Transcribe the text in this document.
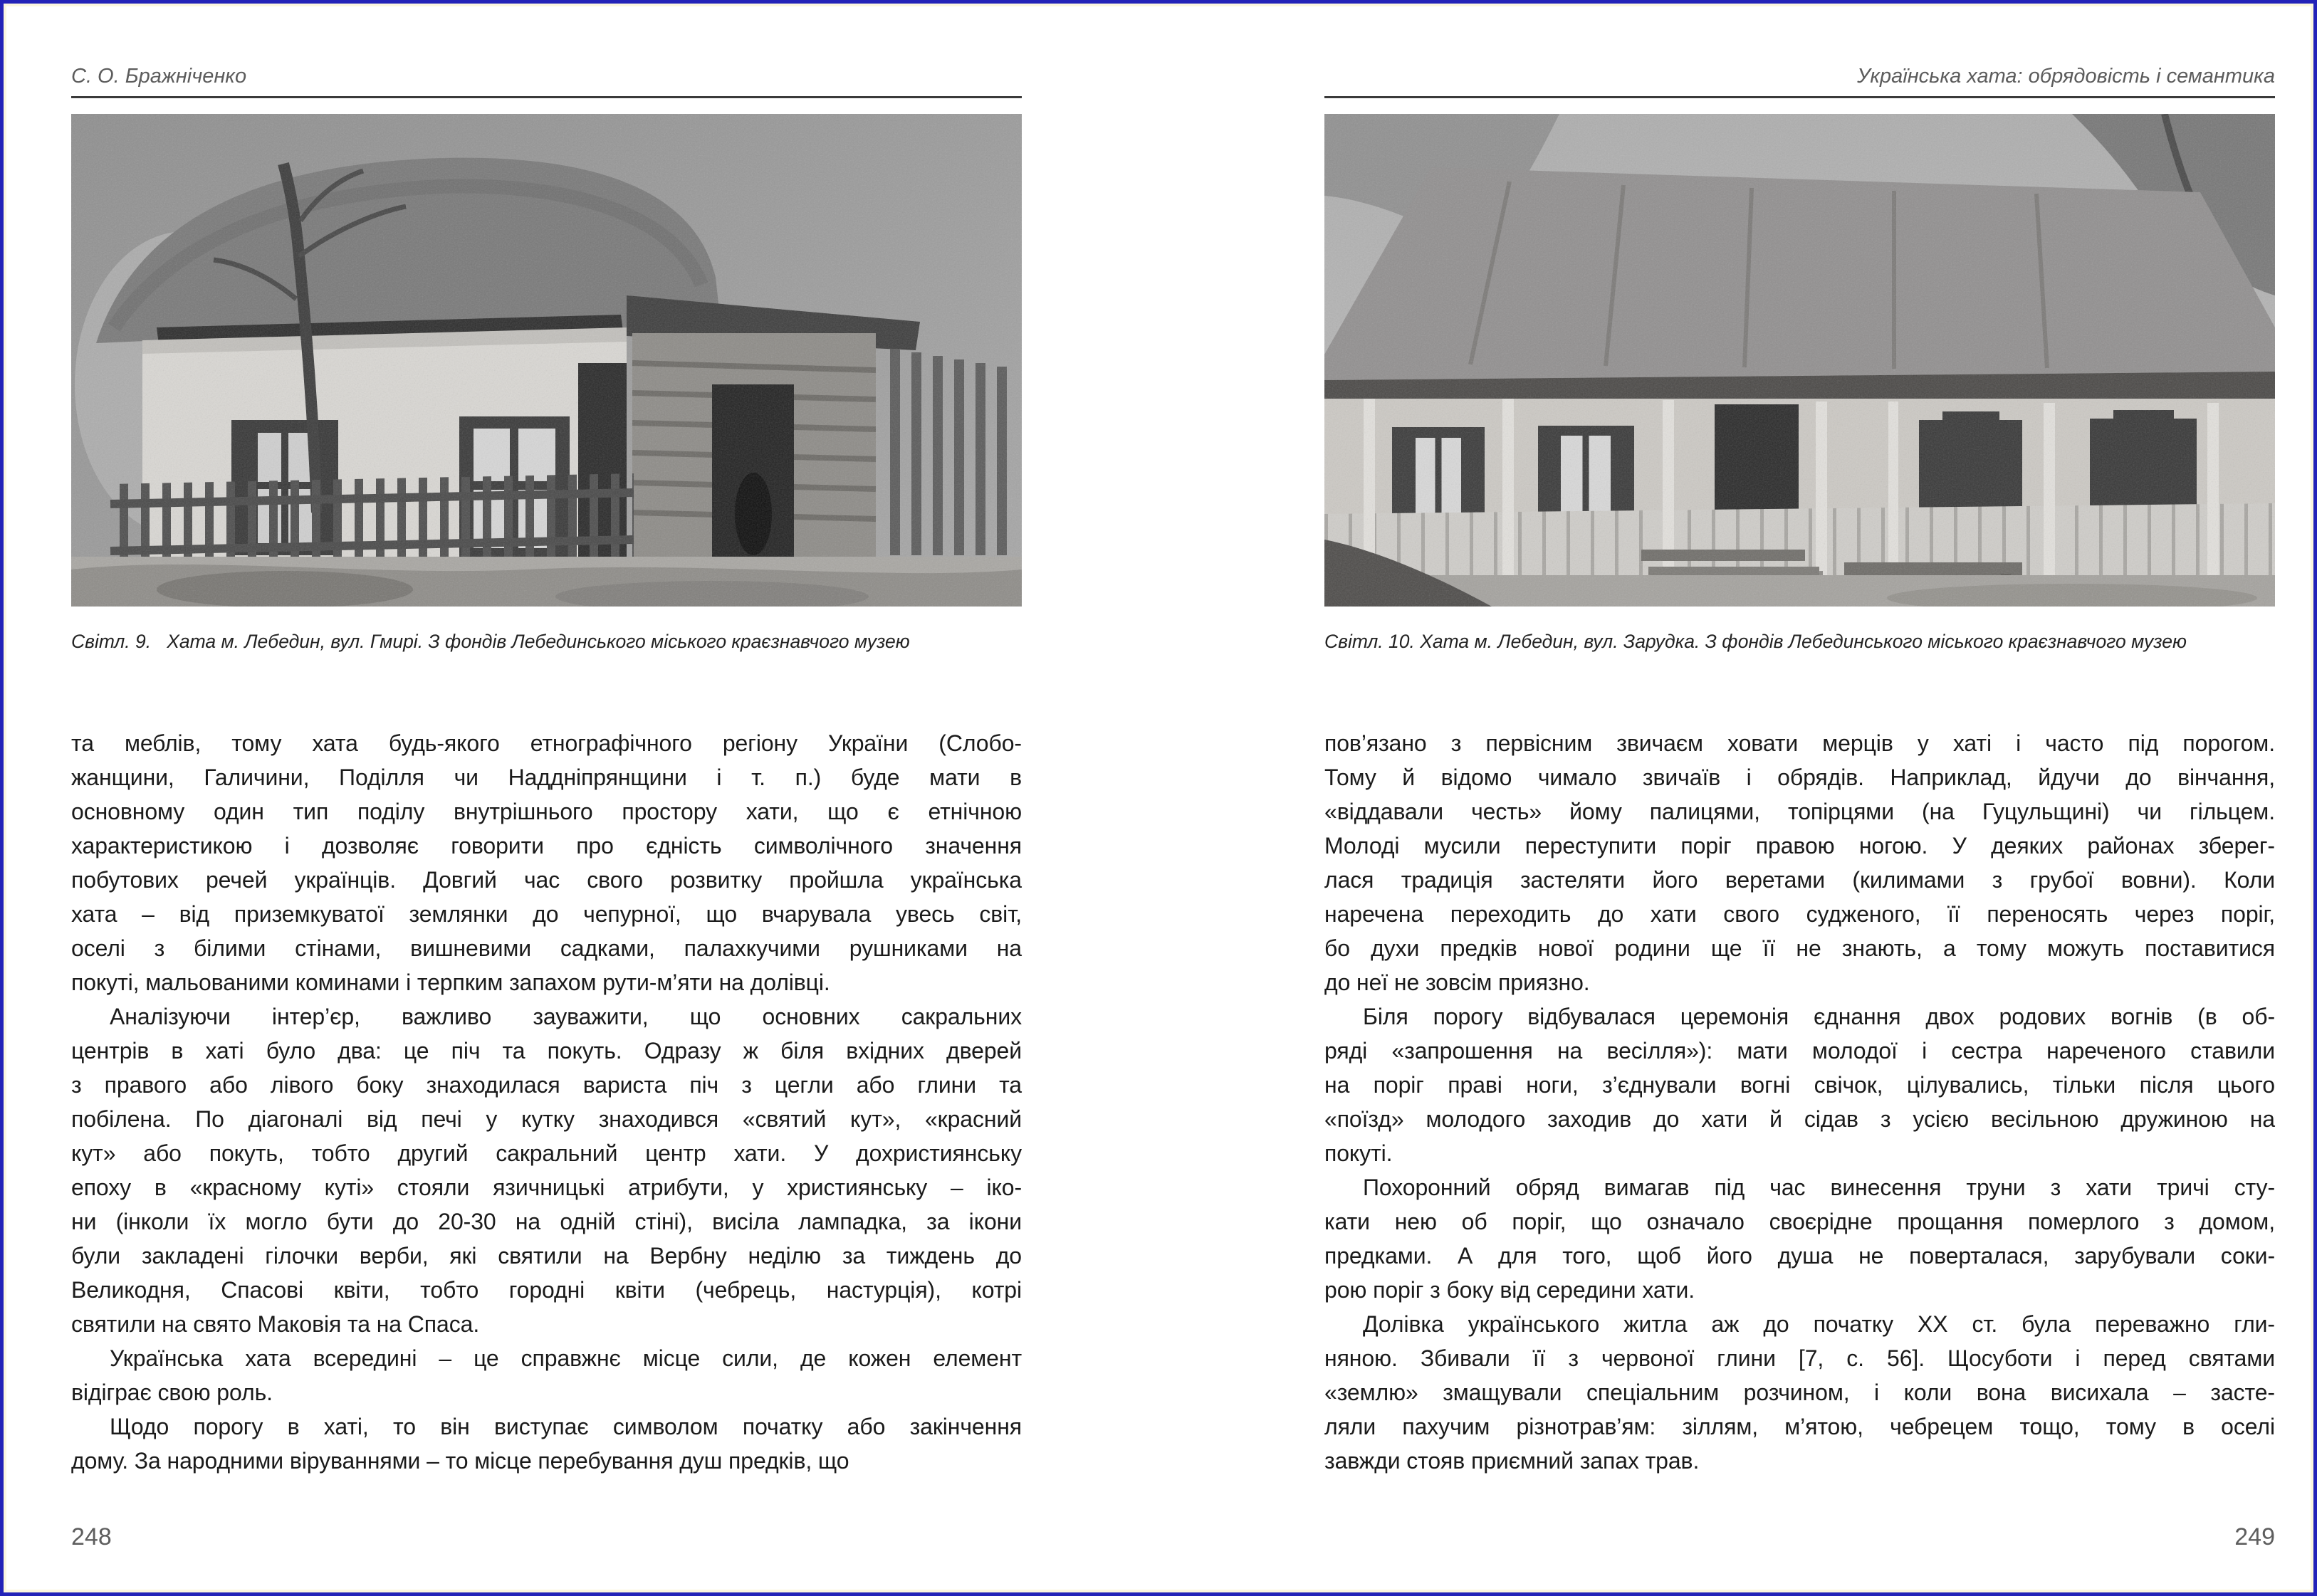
С. О. Бражніченко
Світл. 9.   Хата м. Лебедин, вул. Гмирі. З фондів Лебединського міського краєзнавчого музею
та меблів, тому хата будь-якого етнографічного регіону України (Слобо-
жанщини, Галичини, Поділля чи Наддніпрянщини і т. п.) буде мати в
основному один тип поділу внутрішнього простору хати, що є етнічною
характеристикою і дозволяє говорити про єдність символічного значення
побутових речей українців. Довгий час свого розвитку пройшла українська
хата – від приземкуватої землянки до чепурної, що вчарувала увесь світ,
оселі з білими стінами, вишневими садками, палахкучими рушниками на
покуті, мальованими коминами і терпким запахом рути-м’яти на долівці.
Аналізуючи інтер’єр, важливо зауважити, що основних сакральних
центрів в хаті було два: це піч та покуть. Одразу ж біля вхідних дверей
з правого або лівого боку знаходилася вариста піч з цегли або глини та
побілена. По діагоналі від печі у кутку знаходився «святий кут», «красний
кут» або покуть, тобто другий сакральний центр хати. У дохристиянську
епоху в «красному куті» стояли язичницькі атрибути, у християнську – іко-
ни (інколи їх могло бути до 20-30 на одній стіні), висіла лампадка, за ікони
були закладені гілочки верби, які святили на Вербну неділю за тиждень до
Великодня, Спасові квіти, тобто городні квіти (чебрець, настурція), котрі
святили на свято Маковія та на Спаса.
Українська хата всередині – це справжнє місце сили, де кожен елемент
відіграє свою роль.
Щодо порогу в хаті, то він виступає символом початку або закінчення
дому. За народними віруваннями – то місце перебування душ предків, що
248
Українська хата: обрядовість і семантика
Світл. 10. Хата м. Лебедин, вул. Зарудка. З фондів Лебединського міського краєзнавчого музею
пов’язано з первісним звичаєм ховати мерців у хаті і часто під порогом.
Тому й відомо чимало звичаїв і обрядів. Наприклад, йдучи до вінчання,
«віддавали честь» йому палицями, топірцями (на Гуцульщині) чи гільцем.
Молоді мусили переступити поріг правою ногою. У деяких районах зберег-
лася традиція застеляти його веретами (килимами з грубої вовни). Коли
наречена переходить до хати свого судженого, її переносять через поріг,
бо духи предків нової родини ще її не знають, а тому можуть поставитися
до неї не зовсім приязно.
Біля порогу відбувалася церемонія єднання двох родових вогнів (в об-
ряді «запрошення на весілля»): мати молодої і сестра нареченого ставили
на поріг праві ноги, з’єднували вогні свічок, цілувались, тільки після цього
«поїзд» молодого заходив до хати й сідав з усією весільною дружиною на
покуті.
Похоронний обряд вимагав під час винесення труни з хати тричі сту-
кати нею об поріг, що означало своєрідне прощання померлого з домом,
предками. А для того, щоб його душа не поверталася, зарубували соки-
рою поріг з боку від середини хати.
Долівка українського житла аж до початку ХХ ст. була переважно гли-
няною. Збивали її з червоної глини [7, с. 56]. Щосуботи і перед святами
«землю» змащували спеціальним розчином, і коли вона висихала – засте-
ляли пахучим різнотрав’ям: зіллям, м’ятою, чебрецем тощо, тому в оселі
завжди стояв приємний запах трав.
249
